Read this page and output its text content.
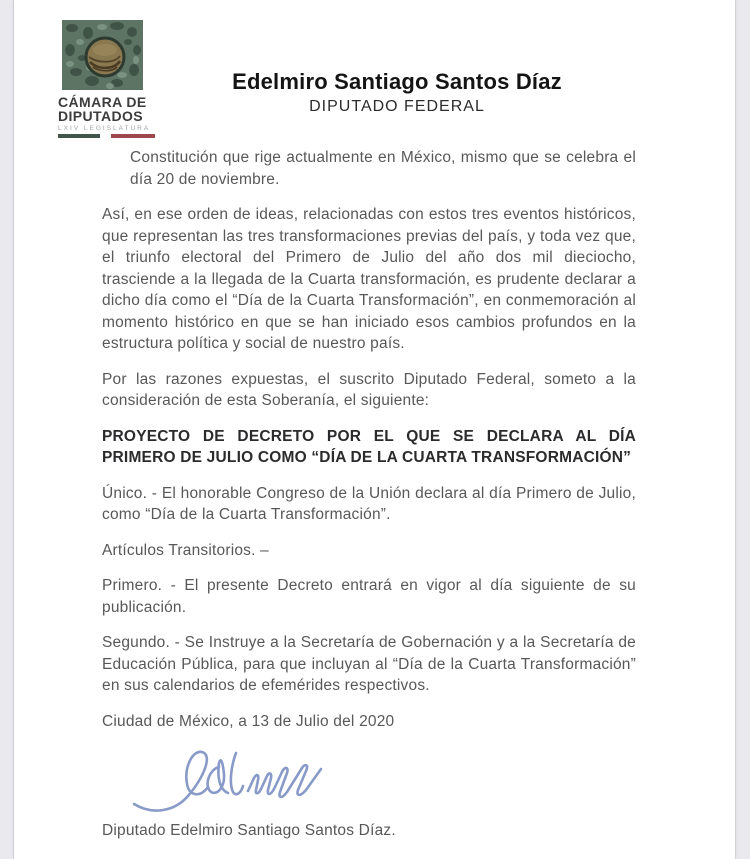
CÁMARA DE
DIPUTADOS
LXIV LEGISLATURA
Edelmiro Santiago Santos Díaz
DIPUTADO FEDERAL

Constitución que rige actualmente en México, mismo que se celebra el día 20 de noviembre.

Así, en ese orden de ideas, relacionadas con estos tres eventos históricos, que representan las tres transformaciones previas del país, y toda vez que, el triunfo electoral del Primero de Julio del año dos mil dieciocho, trasciende a la llegada de la Cuarta transformación, es prudente declarar a dicho día como el “Día de la Cuarta Transformación”, en conmemoración al momento histórico en que se han iniciado esos cambios profundos en la estructura política y social de nuestro país.

Por las razones expuestas, el suscrito Diputado Federal, someto a la consideración de esta Soberanía, el siguiente:

PROYECTO DE DECRETO POR EL QUE SE DECLARA AL DÍA PRIMERO DE JULIO COMO “DÍA DE LA CUARTA TRANSFORMACIÓN”

Único. - El honorable Congreso de la Unión declara al día Primero de Julio, como “Día de la Cuarta Transformación”.

Artículos Transitorios. –

Primero. - El presente Decreto entrará en vigor al día siguiente de su publicación.

Segundo. - Se Instruye a la Secretaría de Gobernación y a la Secretaría de Educación Pública, para que incluyan al “Día de la Cuarta Transformación” en sus calendarios de efemérides respectivos.

Ciudad de México, a 13 de Julio del 2020

Diputado Edelmiro Santiago Santos Díaz.
